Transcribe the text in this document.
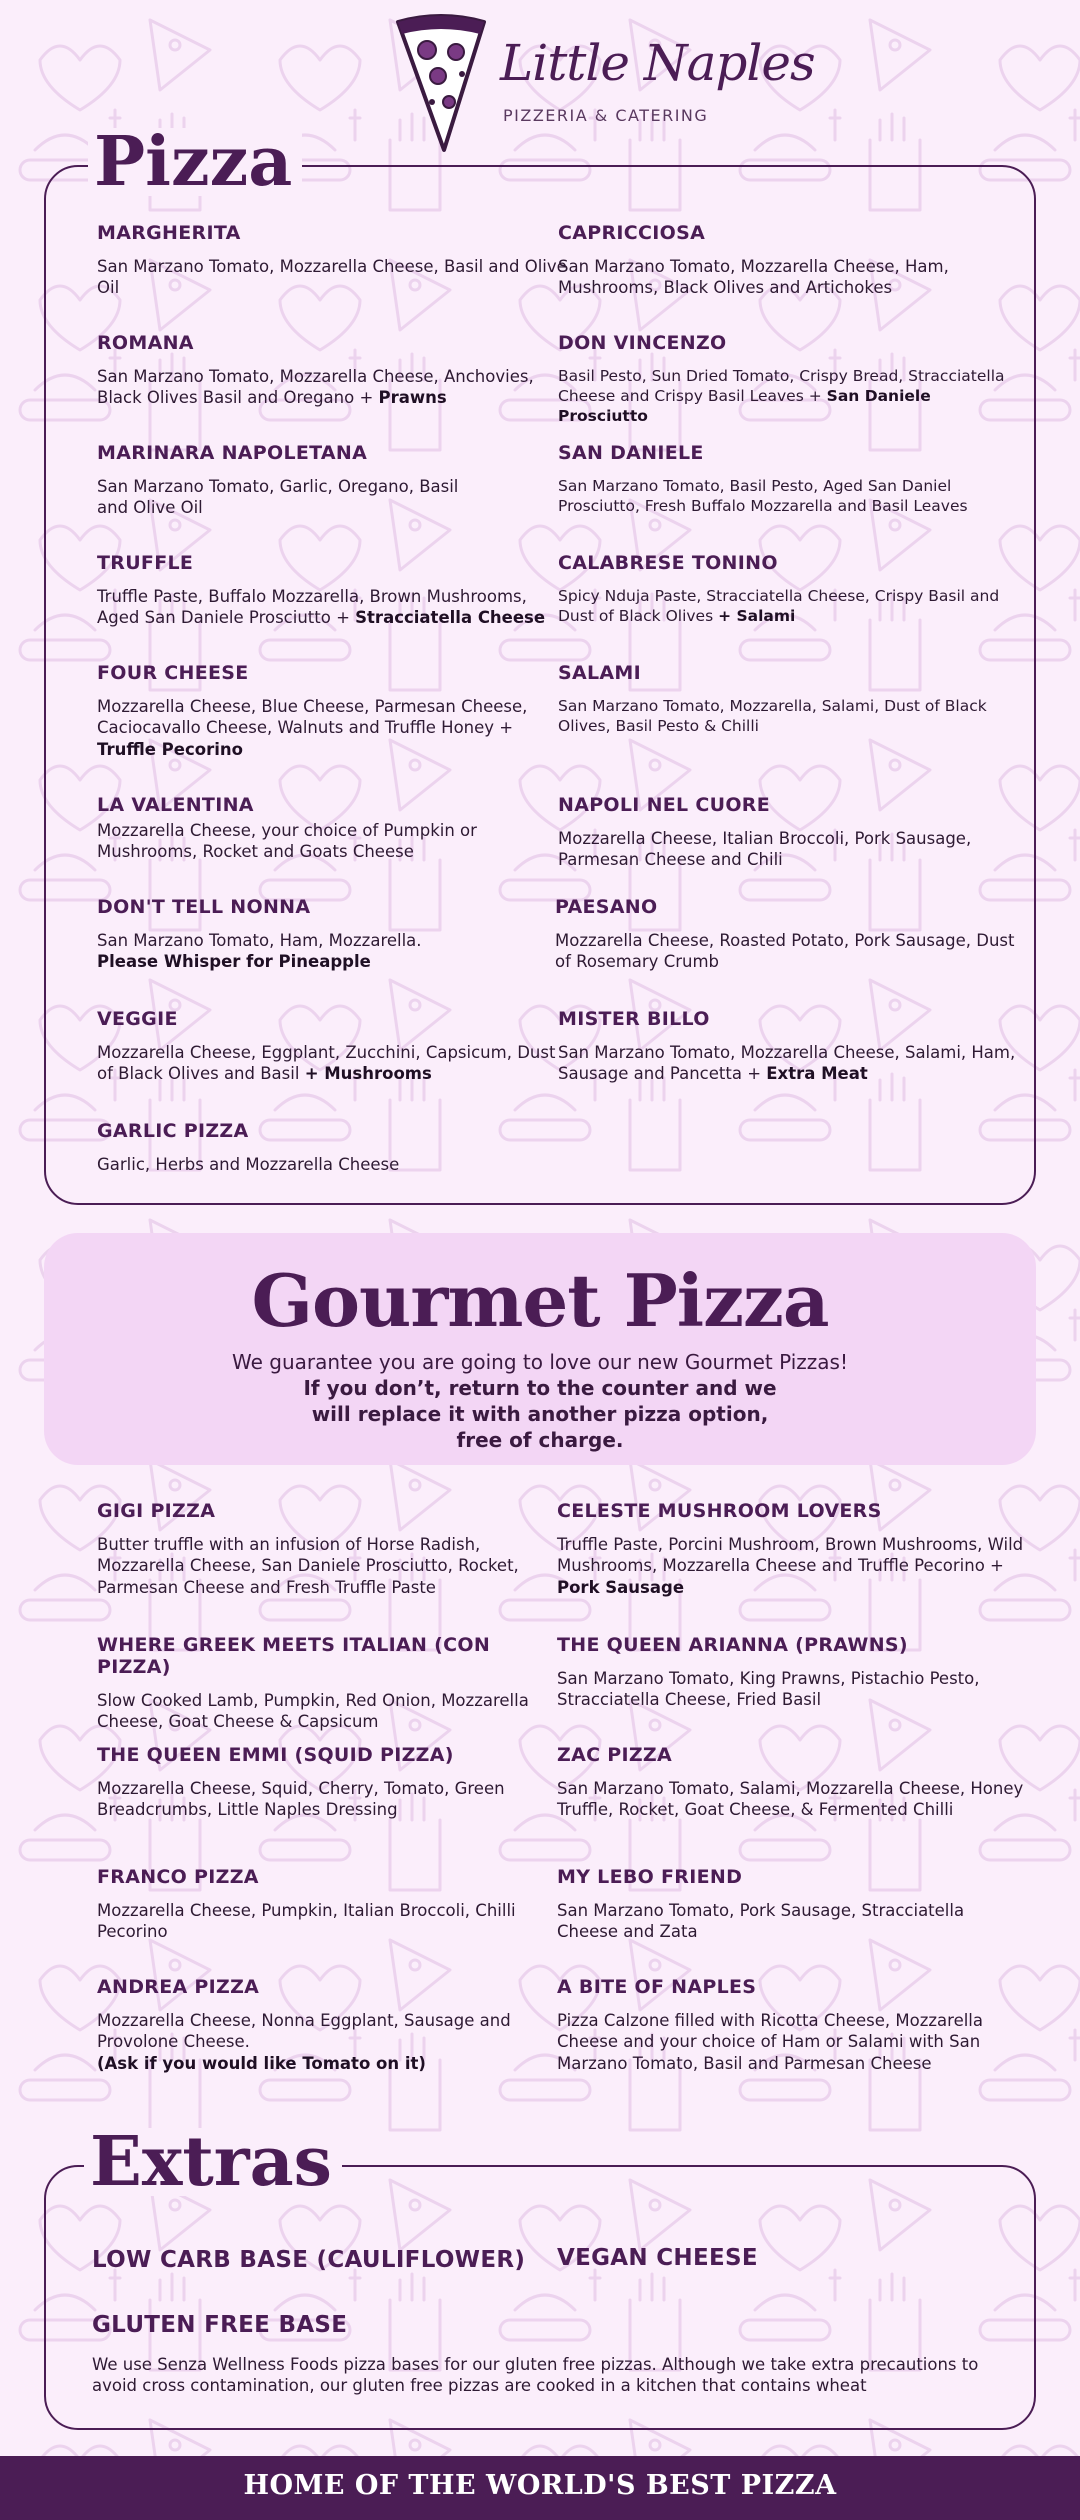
Little Naples
PIZZERIA & CATERING
Pizza
MARGHERITA
San Marzano Tomato, Mozzarella Cheese, Basil and Olive Oil
CAPRICCIOSA
San Marzano Tomato, Mozzarella Cheese, Ham, Mushrooms, Black Olives and Artichokes
ROMANA
San Marzano Tomato, Mozzarella Cheese, Anchovies, Black Olives Basil and Oregano + Prawns
DON VINCENZO
Basil Pesto, Sun Dried Tomato, Crispy Bread, Stracciatella Cheese and Crispy Basil Leaves + San Daniele Prosciutto
MARINARA NAPOLETANA
San Marzano Tomato, Garlic, Oregano, Basil and Olive Oil
SAN DANIELE
San Marzano Tomato, Basil Pesto, Aged San Daniel Prosciutto, Fresh Buffalo Mozzarella and Basil Leaves
TRUFFLE
Truffle Paste, Buffalo Mozzarella, Brown Mushrooms, Aged San Daniele Prosciutto + Stracciatella Cheese
CALABRESE TONINO
Spicy Nduja Paste, Stracciatella Cheese, Crispy Basil and Dust of Black Olives + Salami
FOUR CHEESE
Mozzarella Cheese, Blue Cheese, Parmesan Cheese, Caciocavallo Cheese, Walnuts and Truffle Honey + Truffle Pecorino
SALAMI
San Marzano Tomato, Mozzarella, Salami, Dust of Black Olives, Basil Pesto & Chilli
LA VALENTINA
Mozzarella Cheese, your choice of Pumpkin or Mushrooms, Rocket and Goats Cheese
NAPOLI NEL CUORE
Mozzarella Cheese, Italian Broccoli, Pork Sausage, Parmesan Cheese and Chili
DON'T TELL NONNA
San Marzano Tomato, Ham, Mozzarella.
Please Whisper for Pineapple
PAESANO
Mozzarella Cheese, Roasted Potato, Pork Sausage, Dust of Rosemary Crumb
VEGGIE
Mozzarella Cheese, Eggplant, Zucchini, Capsicum, Dust of Black Olives and Basil + Mushrooms
MISTER BILLO
San Marzano Tomato, Mozzarella Cheese, Salami, Ham, Sausage and Pancetta + Extra Meat
GARLIC PIZZA
Garlic, Herbs and Mozzarella Cheese
Gourmet Pizza
We guarantee you are going to love our new Gourmet Pizzas!
If you don’t, return to the counter and we will replace it with another pizza option, free of charge.
GIGI PIZZA
Butter truffle with an infusion of Horse Radish, Mozzarella Cheese, San Daniele Prosciutto, Rocket, Parmesan Cheese and Fresh Truffle Paste
CELESTE MUSHROOM LOVERS
Truffle Paste, Porcini Mushroom, Brown Mushrooms, Wild Mushrooms, Mozzarella Cheese and Truffle Pecorino + Pork Sausage
WHERE GREEK MEETS ITALIAN (CON PIZZA)
Slow Cooked Lamb, Pumpkin, Red Onion, Mozzarella Cheese, Goat Cheese & Capsicum
THE QUEEN ARIANNA (PRAWNS)
San Marzano Tomato, King Prawns, Pistachio Pesto, Stracciatella Cheese, Fried Basil
THE QUEEN EMMI (SQUID PIZZA)
Mozzarella Cheese, Squid, Cherry, Tomato, Green Breadcrumbs, Little Naples Dressing
ZAC PIZZA
San Marzano Tomato, Salami, Mozzarella Cheese, Honey Truffle, Rocket, Goat Cheese, & Fermented Chilli
FRANCO PIZZA
Mozzarella Cheese, Pumpkin, Italian Broccoli, Chilli Pecorino
MY LEBO FRIEND
San Marzano Tomato, Pork Sausage, Stracciatella Cheese and Zata
ANDREA PIZZA
Mozzarella Cheese, Nonna Eggplant, Sausage and Provolone Cheese.
(Ask if you would like Tomato on it)
A BITE OF NAPLES
Pizza Calzone filled with Ricotta Cheese, Mozzarella Cheese and your choice of Ham or Salami with San Marzano Tomato, Basil and Parmesan Cheese
Extras
LOW CARB BASE (CAULIFLOWER) VEGAN CHEESE
GLUTEN FREE BASE
We use Senza Wellness Foods pizza bases for our gluten free pizzas. Although we take extra precautions to avoid cross contamination, our gluten free pizzas are cooked in a kitchen that contains wheat
HOME OF THE WORLD'S BEST PIZZA
